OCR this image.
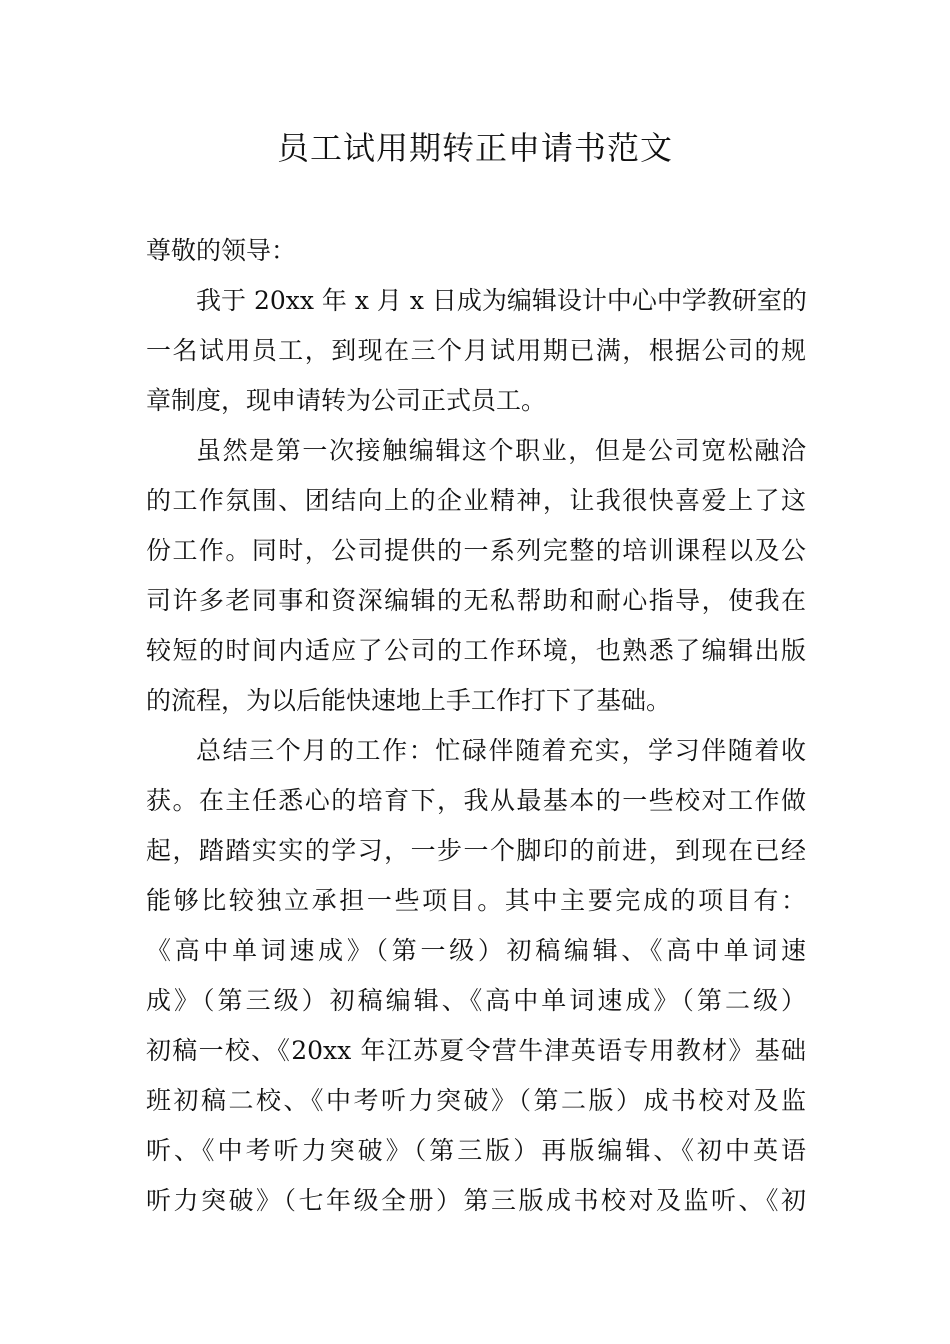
员工试用期转正申请书范文

尊敬的领导：

我于 20xx 年 x 月 x 日成为编辑设计中心中学教研室的

一名试用员工，到现在三个月试用期已满，根据公司的规

章制度，现申请转为公司正式员工。

虽然是第一次接触编辑这个职业，但是公司宽松融洽

的工作氛围、团结向上的企业精神，让我很快喜爱上了这

份工作。同时，公司提供的一系列完整的培训课程以及公

司许多老同事和资深编辑的无私帮助和耐心指导，使我在

较短的时间内适应了公司的工作环境，也熟悉了编辑出版

的流程，为以后能快速地上手工作打下了基础。

总结三个月的工作：忙碌伴随着充实，学习伴随着收

获。在主任悉心的培育下，我从最基本的一些校对工作做

起，踏踏实实的学习，一步一个脚印的前进，到现在已经

能够比较独立承担一些项目。其中主要完成的项目有：

《高中单词速成》（第一级）初稿编辑、《高中单词速

成》（第三级）初稿编辑、《高中单词速成》（第二级）

初稿一校、《20xx 年江苏夏令营牛津英语专用教材》基础

班初稿二校、《中考听力突破》（第二版）成书校对及监

听、《中考听力突破》（第三版）再版编辑、《初中英语

听力突破》（七年级全册）第三版成书校对及监听、《初
